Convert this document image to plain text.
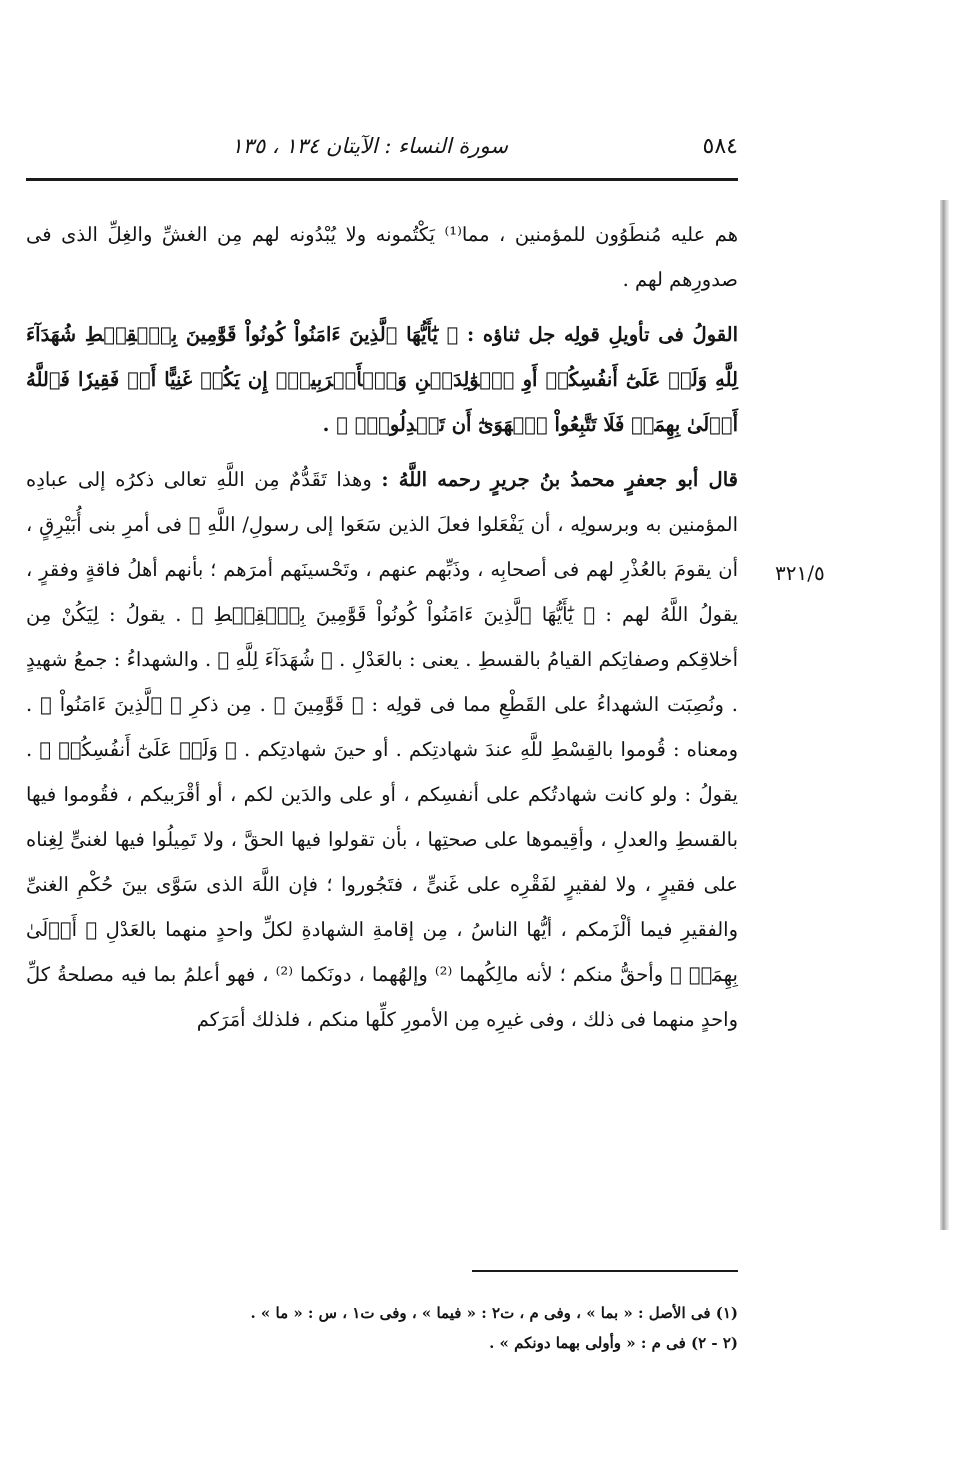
٥٨٤
سورة النساء : الآيتان ١٣٤ ، ١٣٥
٣٢١/٥

هم عليه مُنطَوُون للمؤمنين ، مما⁽¹⁾ يَكْتُمونه ولا يُبْدُونه لهم مِن الغشِّ والغِلِّ الذى فى صدورِهم لهم .

القولُ فى تأويلِ قولِه جل ثناؤه : ﴿ يَٰٓأَيُّهَا ٱلَّذِينَ ءَامَنُواْ كُونُواْ قَوَّٰمِينَ بِٱلۡقِسۡطِ شُهَدَآءَ لِلَّهِ وَلَوۡ عَلَىٰٓ أَنفُسِكُمۡ أَوِ ٱلۡوَٰلِدَيۡنِ وَٱلۡأَقۡرَبِينَۚ إِن يَكُنۡ غَنِيًّا أَوۡ فَقِيرٗا فَٱللَّهُ أَوۡلَىٰ بِهِمَاۖ فَلَا تَتَّبِعُواْ ٱلۡهَوَىٰٓ أَن تَعۡدِلُواْۚ ﴾ .

قال أبو جعفرٍ محمدُ بنُ جريرٍ رحمه اللَّهُ : وهذا تَقَدُّمٌ مِن اللَّهِ تعالى ذكرُه إلى عبادِه المؤمنين به وبرسولِه ، أن يَفْعَلوا فعلَ الذين سَعَوا إلى رسولِ/ اللَّهِ ﷺ فى أمرِ بنى أُبَيْرِقٍ ، أن يقومَ بالعُذْرِ لهم فى أصحابِه ، وذَبِّهم عنهم ، وتَحْسينَهم أمرَهم ؛ بأنهم أهلُ فاقةٍ وفقرٍ ، يقولُ اللَّهُ لهم : ﴿ يَٰٓأَيُّهَا ٱلَّذِينَ ءَامَنُواْ كُونُواْ قَوَّٰمِينَ بِٱلۡقِسۡطِ ﴾ . يقولُ : لِيَكُنْ مِن أخلاقِكم وصفاتِكم القيامُ بالقسطِ . يعنى : بالعَدْلِ . ﴿ شُهَدَآءَ لِلَّهِ ﴾ . والشهداءُ : جمعُ شهيدٍ . ونُصِبَت الشهداءُ على القَطْعِ مما فى قولِه : ﴿ قَوَّٰمِينَ ﴾ . مِن ذكرِ ﴿ ٱلَّذِينَ ءَامَنُواْ ﴾ . ومعناه : قُوموا بالقِسْطِ للَّهِ عندَ شهادتِكم . أو حينَ شهادتِكم . ﴿ وَلَوۡ عَلَىٰٓ أَنفُسِكُمۡ ﴾ . يقولُ : ولو كانت شهادتُكم على أنفسِكم ، أو على والدَين لكم ، أو أقْرَبيكم ، فقُوموا فيها بالقسطِ والعدلِ ، وأقِيموها على صحتِها ، بأن تقولوا فيها الحقَّ ، ولا تَمِيلُوا فيها لغنىٍّ لِغِناه على فقيرٍ ، ولا لفقيرٍ لفَقْرِه على غَنىٍّ ، فتَجُوروا ؛ فإن اللَّهَ الذى سَوَّى بينَ حُكْمِ الغنىِّ والفقيرِ فيما ألْزَمكم ، أيُّها الناسُ ، مِن إقامةِ الشهادةِ لكلِّ واحدٍ منهما بالعَدْلِ ﴿ أَوۡلَىٰ بِهِمَاۖ ﴾ وأحقُّ منكم ؛ لأنه مالِكُهما ⁽²⁾ وإلهُهما ، دونَكما ⁽²⁾ ، فهو أعلمُ بما فيه مصلحةُ كلِّ واحدٍ منهما فى ذلك ، وفى غيرِه مِن الأمورِ كلِّها منكم ، فلذلك أمَرَكم

(١) فى الأصل : « بما » ، وفى م ، ت٢ : « فيما » ، وفى ت١ ، س : « ما » .

(٢ - ٢) فى م : « وأولى بهما دونكم » .
